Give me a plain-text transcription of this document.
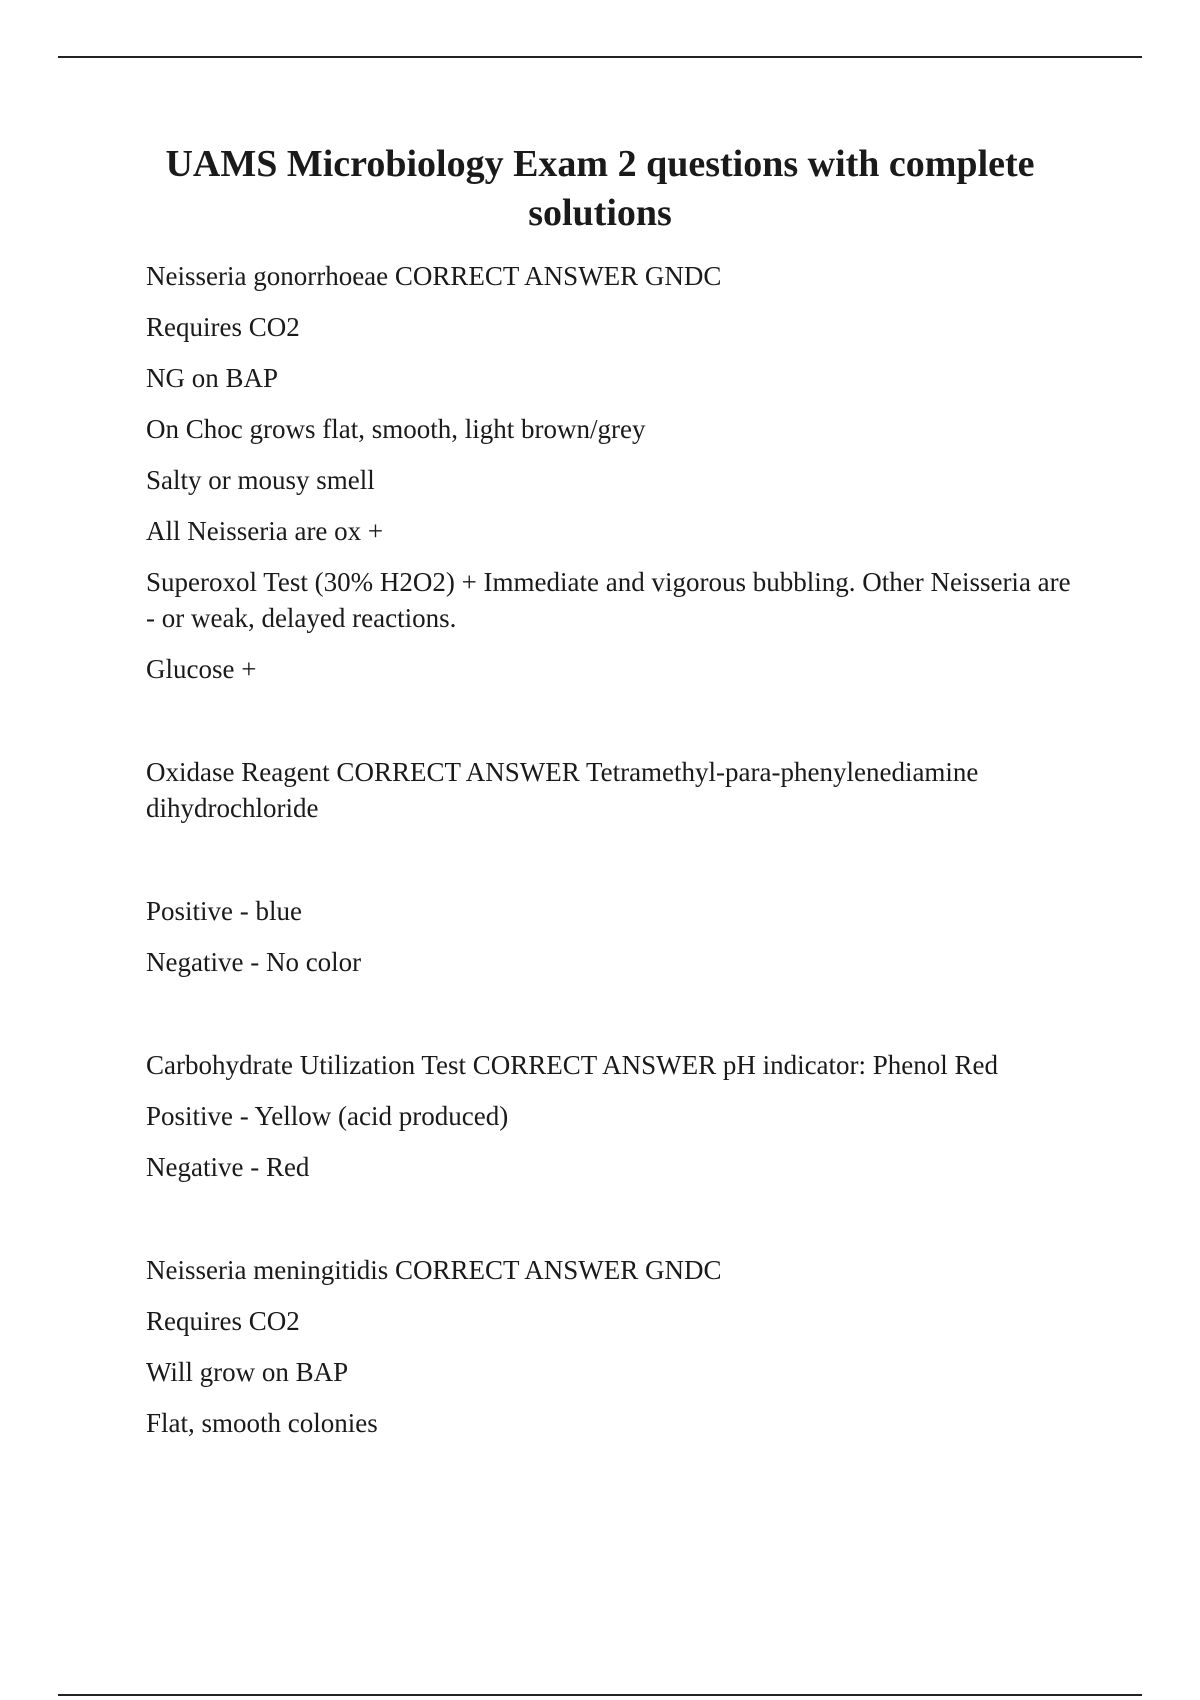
UAMS Microbiology Exam 2 questions with complete solutions

Neisseria gonorrhoeae CORRECT ANSWER GNDC

Requires CO2

NG on BAP

On Choc grows flat, smooth, light brown/grey

Salty or mousy smell

All Neisseria are ox +

Superoxol Test (30% H2O2) + Immediate and vigorous bubbling. Other Neisseria are - or weak, delayed reactions.

Glucose +

Oxidase Reagent CORRECT ANSWER Tetramethyl-para-phenylenediamine dihydrochloride

Positive - blue

Negative - No color

Carbohydrate Utilization Test CORRECT ANSWER pH indicator: Phenol Red

Positive - Yellow (acid produced)

Negative - Red

Neisseria meningitidis CORRECT ANSWER GNDC

Requires CO2

Will grow on BAP

Flat, smooth colonies
